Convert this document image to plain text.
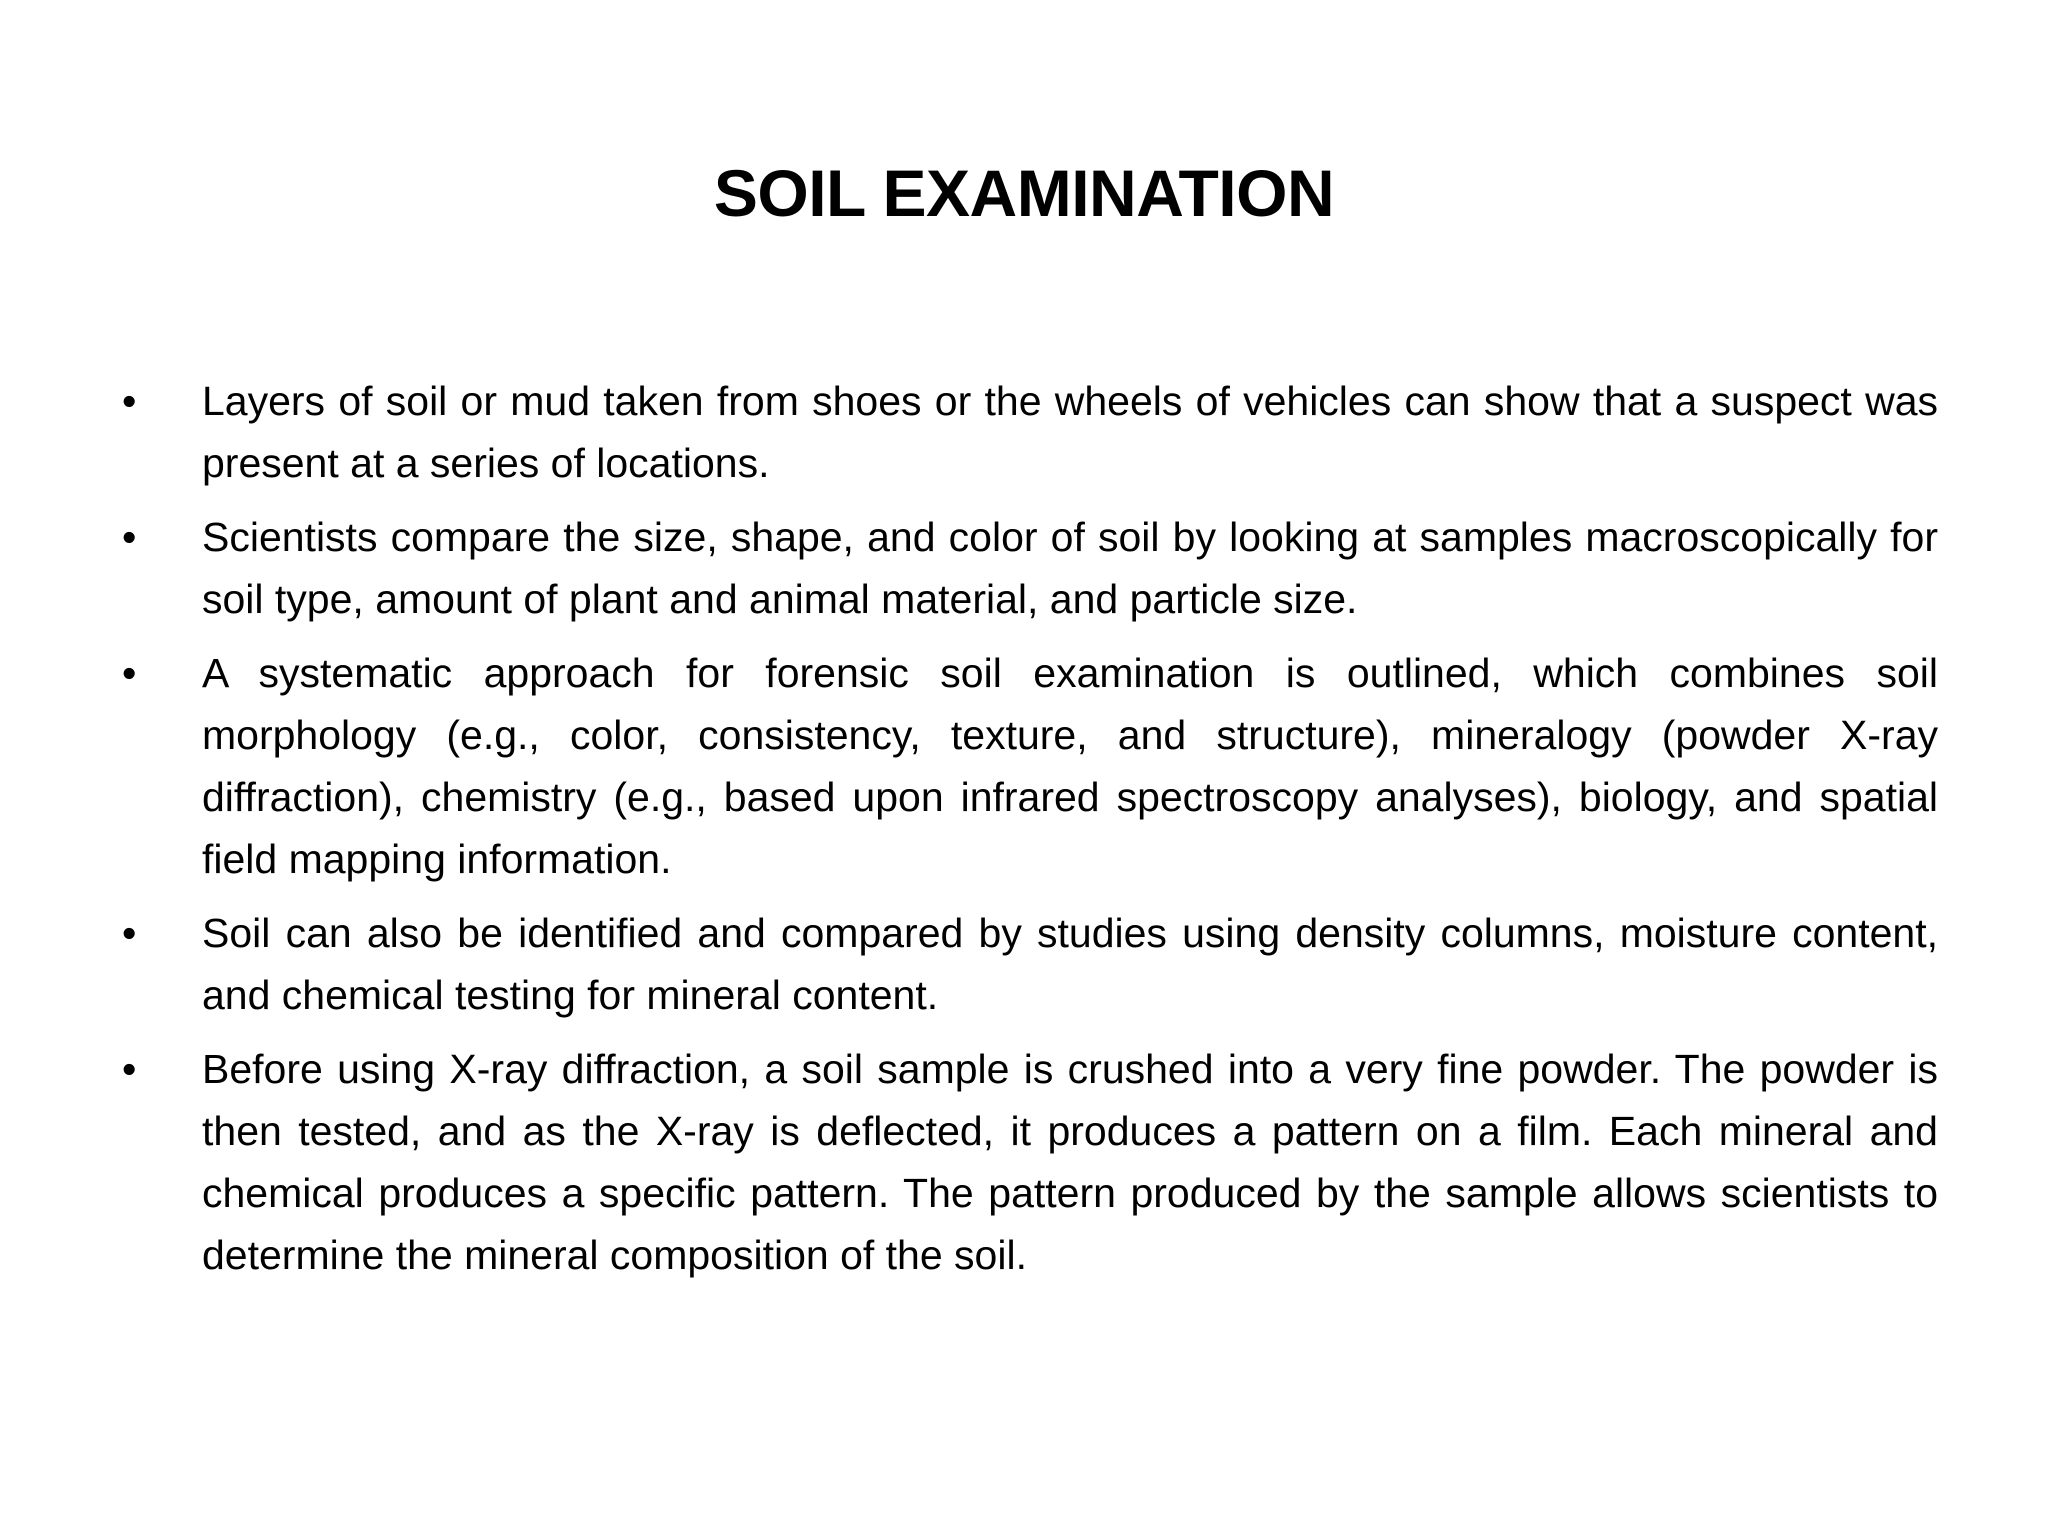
SOIL EXAMINATION
•	Layers of soil or mud taken from shoes or the wheels of vehicles can show that a suspect was present at a series of locations.
•	Scientists compare the size, shape, and color of soil by looking at samples macroscopically for soil type, amount of plant and animal material, and particle size.
•	A systematic approach for forensic soil examination is outlined, which combines soil morphology (e.g., color, consistency, texture, and structure), mineralogy (powder X-ray diffraction), chemistry (e.g., based upon infrared spectroscopy analyses), biology, and spatial field mapping information.
•	Soil can also be identified and compared by studies using density columns, moisture content, and chemical testing for mineral content.
•	Before using X-ray diffraction, a soil sample is crushed into a very fine powder. The powder is then tested, and as the X-ray is deflected, it produces a pattern on a film. Each mineral and chemical produces a specific pattern. The pattern produced by the sample allows scientists to determine the mineral composition of the soil.
